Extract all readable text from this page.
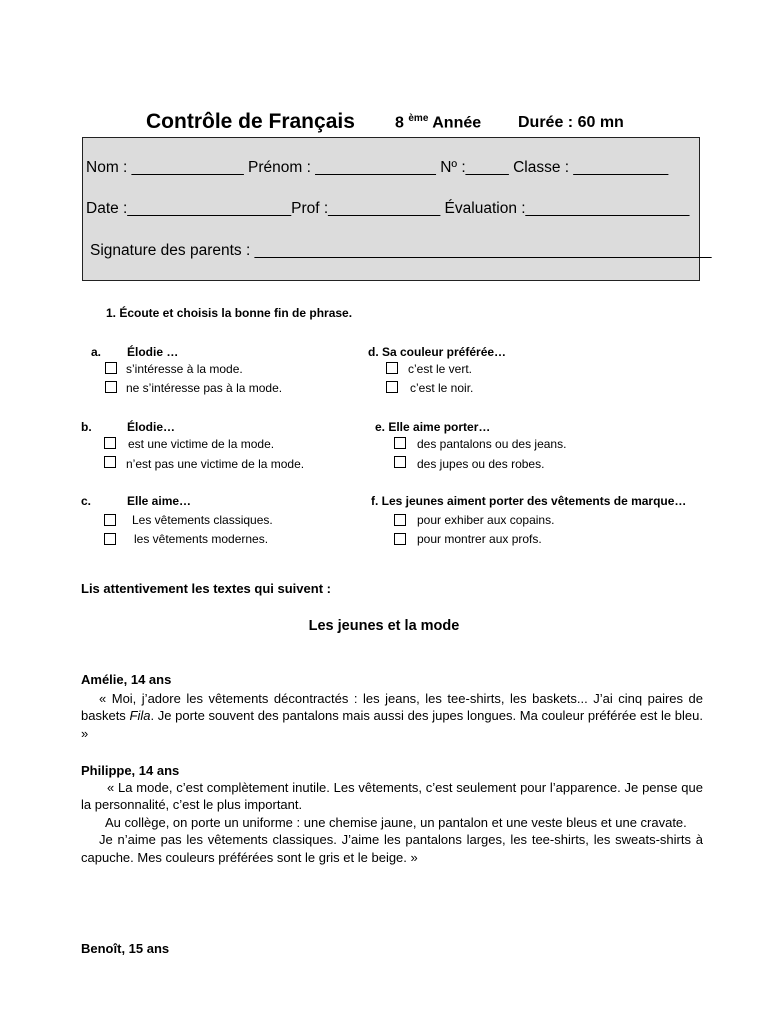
Contrôle de Français	8 $^{ème}$ Année Durée : 60 mn
Nom : _____________ Prénom : ______________ Nº :_____ Classe : ___________
Date :___________________Prof :_____________ Évaluation :___________________
Signature des parents : _____________________________________________________
1. Écoute et choisis la bonne fin de phrase.
a. Élodie …
s’intéresse à la mode.
ne s’intéresse pas à la mode.
d. Sa couleur préférée…
c’est le vert.
c’est le noir.
b.	Élodie…
est une victime de la mode.
n’est pas une victime de la mode.
e. Elle aime porter…
des pantalons ou des jeans.
des jupes ou des robes.
c.	Elle aime…
Les vêtements classiques.
les vêtements modernes.
f. Les jeunes aiment porter des vêtements de marque…
pour exhiber aux copains.
pour montrer aux profs.
Lis attentivement les textes qui suivent :
Les jeunes et la mode
Amélie, 14 ans

« Moi, j’adore les vêtements décontractés : les jeans, les tee-shirts, les baskets... J’ai cinq paires de baskets Fila. Je porte souvent des pantalons mais aussi des jupes longues. Ma couleur préférée est le bleu. »

Philippe, 14 ans

« La mode, c’est complètement inutile. Les vêtements, c’est seulement pour l’apparence. Je pense que la personnalité, c’est le plus important.

Au collège, on porte un uniforme : une chemise jaune, un pantalon et une veste bleus et une cravate.

Je n’aime pas les vêtements classiques. J’aime les pantalons larges, les tee-shirts, les sweats-shirts à capuche. Mes couleurs préférées sont le gris et le beige. »

Benoît, 15 ans
